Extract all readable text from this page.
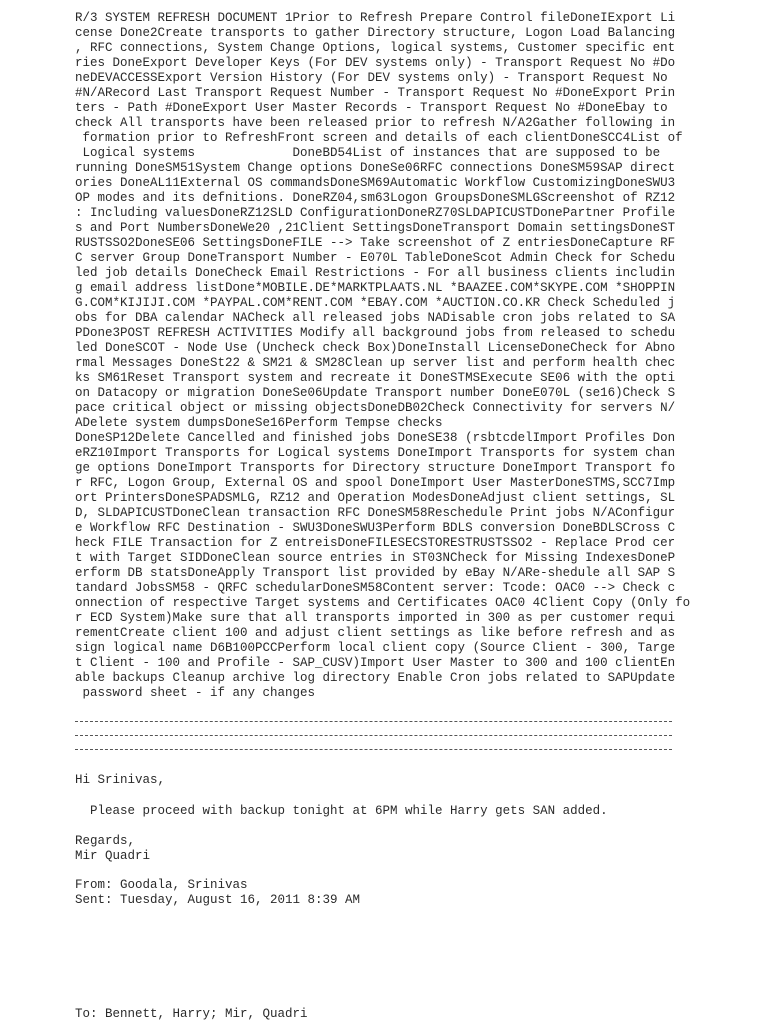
R/3 SYSTEM REFRESH DOCUMENT 1Prior to Refresh Prepare Control fileDoneIExport Li
cense Done2Create transports to gather Directory structure, Logon Load Balancing
, RFC connections, System Change Options, logical systems, Customer specific ent
ries DoneExport Developer Keys (For DEV systems only) - Transport Request No #Do
neDEVACCESSExport Version History (For DEV systems only) - Transport Request No
#N/ARecord Last Transport Request Number - Transport Request No #DoneExport Prin
ters - Path #DoneExport User Master Records - Transport Request No #DoneEbay to
check All transports have been released prior to refresh N/A2Gather following in
formation prior to RefreshFront screen and details of each clientDoneSCC4List of
Logical systems             DoneBD54List of instances that are supposed to be
running DoneSM51System Change options DoneSe06RFC connections DoneSM59SAP direct
ories DoneAL11External OS commandsDoneSM69Automatic Workflow CustomizingDoneSWU3
OP modes and its defnitions. DoneRZ04,sm63Logon GroupsDoneSMLGScreenshot of RZ12
: Including valuesDoneRZ12SLD ConfigurationDoneRZ70SLDAPICUSTDonePartner Profile
s and Port NumbersDoneWe20 ,21Client SettingsDoneTransport Domain settingsDoneST
RUSTSSO2DoneSE06 SettingsDoneFILE --> Take screenshot of Z entriesDoneCapture RF
C server Group DoneTransport Number - E070L TableDoneScot Admin Check for Schedu
led job details DoneCheck Email Restrictions - For all business clients includin
g email address listDone*MOBILE.DE*MARKTPLAATS.NL *BAAZEE.COM*SKYPE.COM *SHOPPIN
G.COM*KIJIJI.COM *PAYPAL.COM*RENT.COM *EBAY.COM *AUCTION.CO.KR Check Scheduled j
obs for DBA calendar NACheck all released jobs NADisable cron jobs related to SA
PDone3POST REFRESH ACTIVITIES Modify all background jobs from released to schedu
led DoneSCOT - Node Use (Uncheck check Box)DoneInstall LicenseDoneCheck for Abno
rmal Messages DoneSt22 & SM21 & SM28Clean up server list and perform health chec
ks SM61Reset Transport system and recreate it DoneSTMSExecute SE06 with the opti
on Datacopy or migration DoneSe06Update Transport number DoneE070L (se16)Check S
pace critical object or missing objectsDoneDB02Check Connectivity for servers N/
ADelete system dumpsDoneSe16Perform Tempse checks
DoneSP12Delete Cancelled and finished jobs DoneSE38 (rsbtcdelImport Profiles Don
eRZ10Import Transports for Logical systems DoneImport Transports for system chan
ge options DoneImport Transports for Directory structure DoneImport Transport fo
r RFC, Logon Group, External OS and spool DoneImport User MasterDoneSTMS,SCC7Imp
ort PrintersDoneSPADSMLG, RZ12 and Operation ModesDoneAdjust client settings, SL
D, SLDAPICUSTDoneClean transaction RFC DoneSM58Reschedule Print jobs N/AConfigur
e Workflow RFC Destination - SWU3DoneSWU3Perform BDLS conversion DoneBDLSCross C
heck FILE Transaction for Z entreisDoneFILESECSTORESTRUSTSSO2 - Replace Prod cer
t with Target SIDDoneClean source entries in ST03NCheck for Missing IndexesDoneP
erform DB statsDoneApply Transport list provided by eBay N/ARe-shedule all SAP S
tandard JobsSM58 - QRFC schedularDoneSM58Content server: Tcode: OAC0 --> Check c
onnection of respective Target systems and Certificates OAC0 4Client Copy (Only fo
r ECD System)Make sure that all transports imported in 300 as per customer requi
rementCreate client 100 and adjust client settings as like before refresh and as
sign logical name D6B100PCCPerform local client copy (Source Client - 300, Targe
t Client - 100 and Profile - SAP_CUSV)Import User Master to 300 and 100 clientEn
able backups Cleanup archive log directory Enable Cron jobs related to SAPUpdate
password sheet - if any changes
Hi Srinivas,
Please proceed with backup tonight at 6PM while Harry gets SAN added.
Regards,
Mir Quadri
From: Goodala, Srinivas
Sent: Tuesday, August 16, 2011 8:39 AM
To: Bennett, Harry; Mir, Quadri
